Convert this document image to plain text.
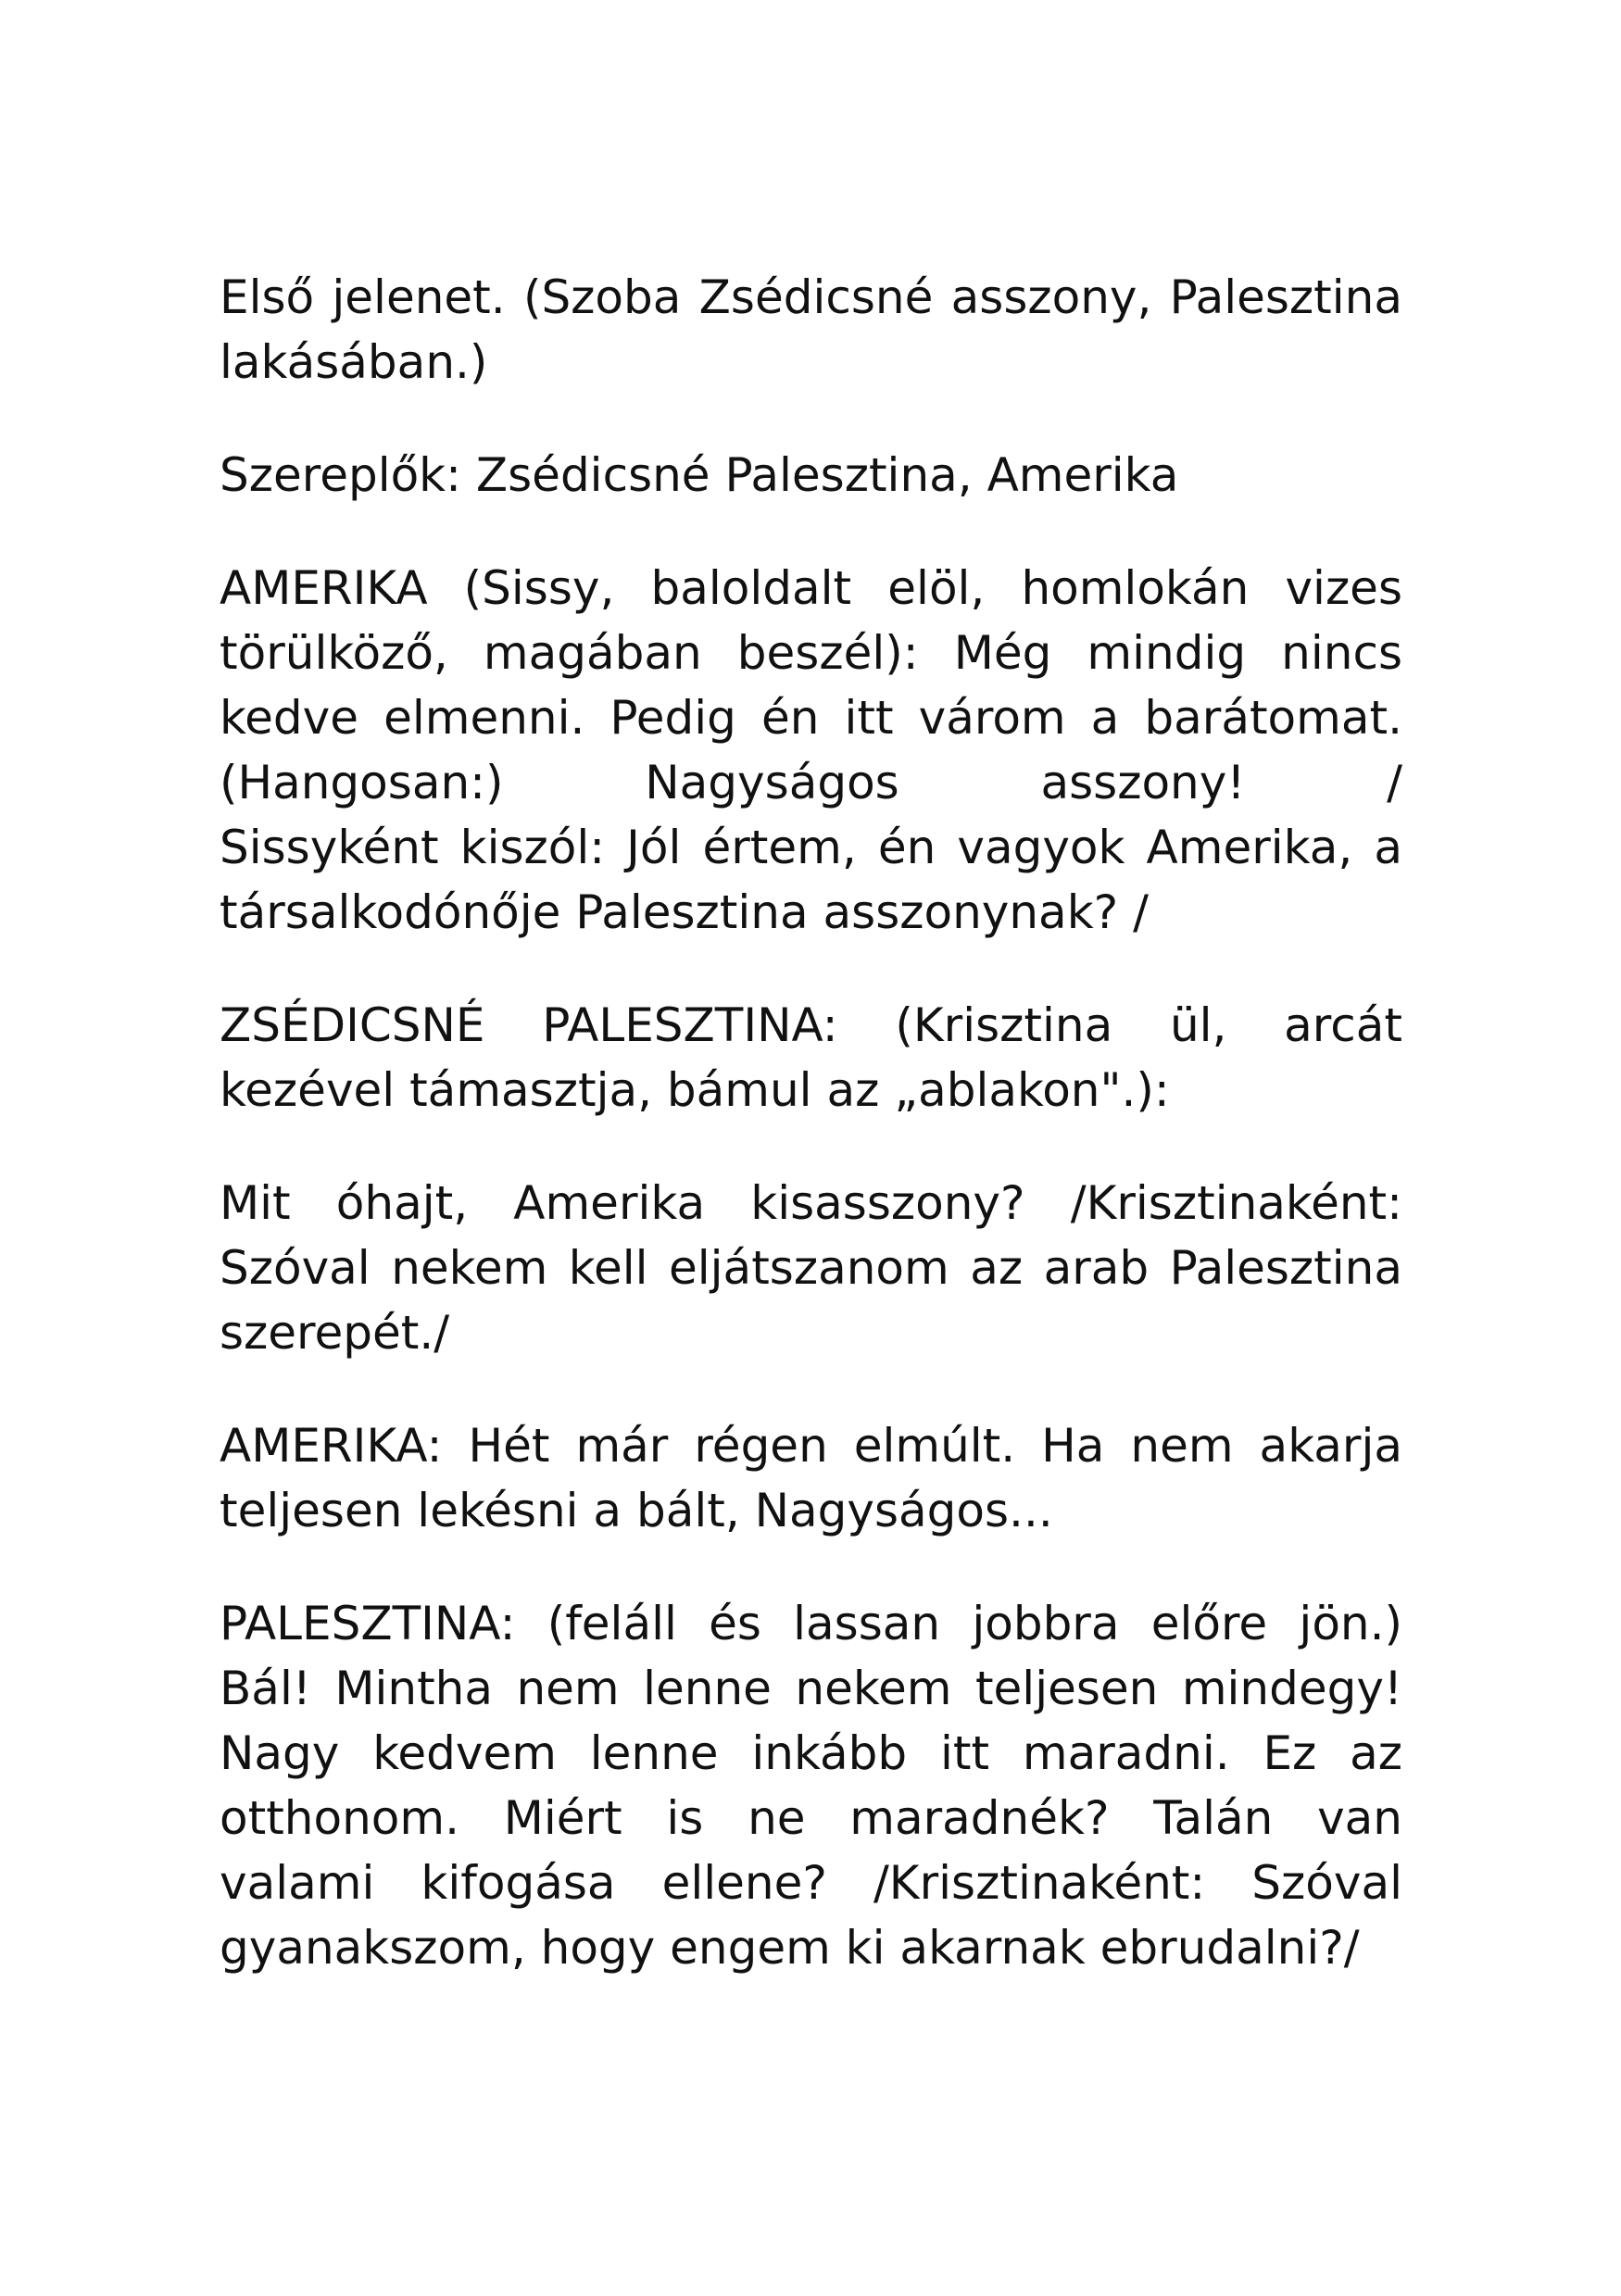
Első jelenet. (Szoba Zsédicsné asszony, Palesztina
lakásában.)
Szereplők: Zsédicsné Palesztina, Amerika
AMERIKA (Sissy, baloldalt elöl, homlokán vizes
törülköző, magában beszél): Még mindig nincs
kedve elmenni. Pedig én itt várom a barátomat.
(Hangosan:) Nagyságos asszony! /
Sissyként kiszól: Jól értem, én vagyok Amerika, a
társalkodónője Palesztina asszonynak? /
ZSÉDICSNÉ PALESZTINA: (Krisztina ül, arcát
kezével támasztja, bámul az „ablakon".):
Mit óhajt, Amerika kisasszony? /Krisztinaként:
Szóval nekem kell eljátszanom az arab Palesztina
szerepét./
AMERIKA: Hét már régen elmúlt. Ha nem akarja
teljesen lekésni a bált, Nagyságos...
PALESZTINA: (feláll és lassan jobbra előre jön.)
Bál! Mintha nem lenne nekem teljesen mindegy!
Nagy kedvem lenne inkább itt maradni. Ez az
otthonom. Miért is ne maradnék? Talán van
valami kifogása ellene? /Krisztinaként: Szóval
gyanakszom, hogy engem ki akarnak ebrudalni?/
